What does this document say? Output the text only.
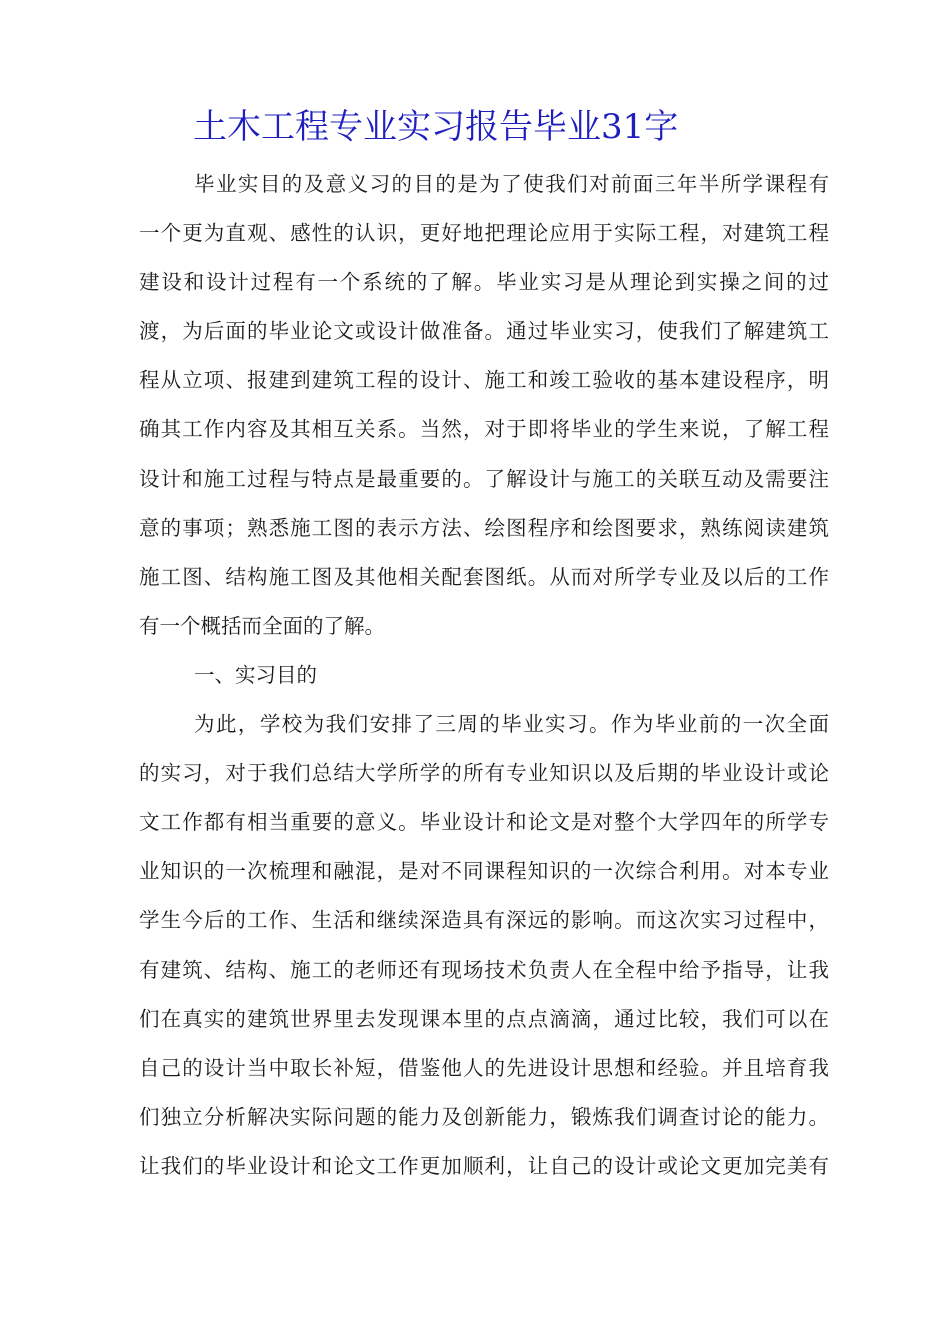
土木工程专业实习报告毕业31字
毕业实目的及意义习的目的是为了使我们对前面三年半所学课程有
一个更为直观、感性的认识，更好地把理论应用于实际工程，对建筑工程
建设和设计过程有一个系统的了解。毕业实习是从理论到实操之间的过
渡，为后面的毕业论文或设计做准备。通过毕业实习，使我们了解建筑工
程从立项、报建到建筑工程的设计、施工和竣工验收的基本建设程序，明
确其工作内容及其相互关系。当然，对于即将毕业的学生来说，了解工程
设计和施工过程与特点是最重要的。了解设计与施工的关联互动及需要注
意的事项；熟悉施工图的表示方法、绘图程序和绘图要求，熟练阅读建筑
施工图、结构施工图及其他相关配套图纸。从而对所学专业及以后的工作
有一个概括而全面的了解。
一、实习目的
为此，学校为我们安排了三周的毕业实习。作为毕业前的一次全面
的实习，对于我们总结大学所学的所有专业知识以及后期的毕业设计或论
文工作都有相当重要的意义。毕业设计和论文是对整个大学四年的所学专
业知识的一次梳理和融混，是对不同课程知识的一次综合利用。对本专业
学生今后的工作、生活和继续深造具有深远的影响。而这次实习过程中，
有建筑、结构、施工的老师还有现场技术负责人在全程中给予指导，让我
们在真实的建筑世界里去发现课本里的点点滴滴，通过比较，我们可以在
自己的设计当中取长补短，借鉴他人的先进设计思想和经验。并且培育我
们独立分析解决实际问题的能力及创新能力，锻炼我们调查讨论的能力。
让我们的毕业设计和论文工作更加顺利，让自己的设计或论文更加完美有
